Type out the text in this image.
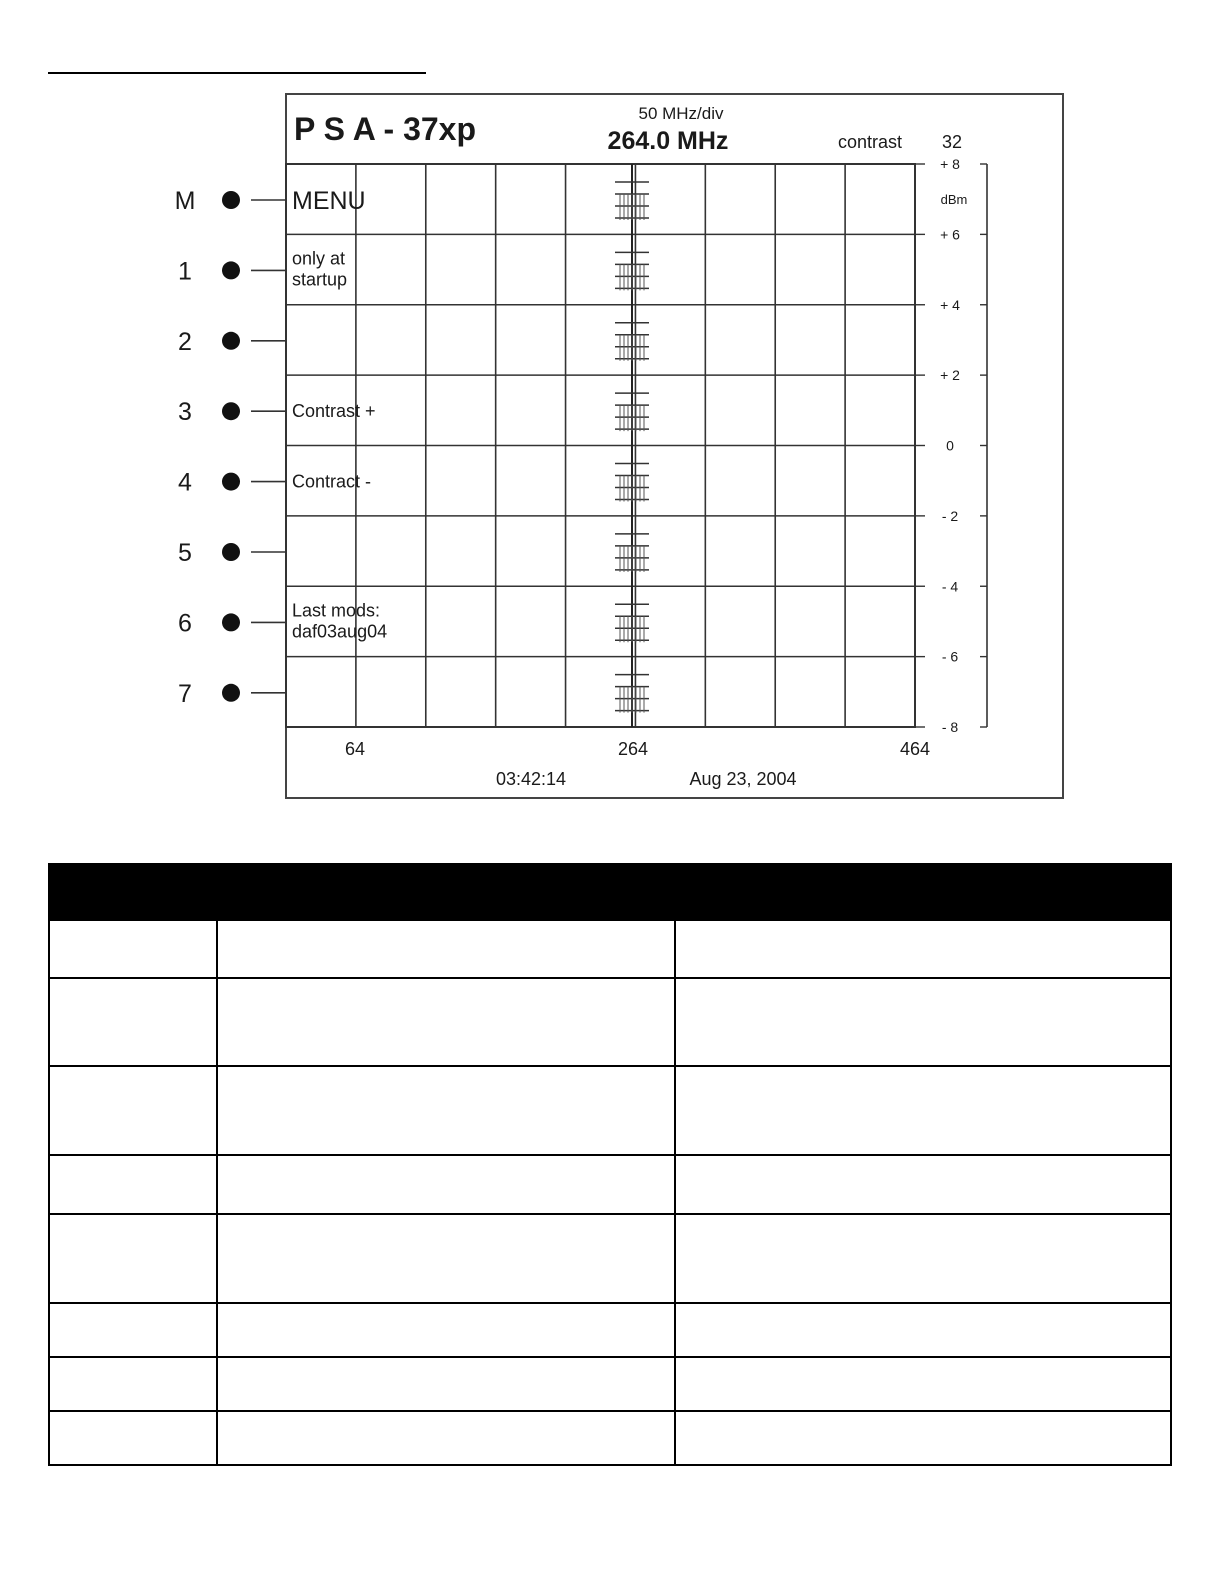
P S A - 37xp	50 MHz/div
264.0 MHz	contrast 32
dBm
+ 8
+ 6
+ 4
+ 2
0
- 2
- 4
- 6
- 8
64	264	464
03:42:14	Aug 23, 2004
M	MENU
1	only at
startup
2
3	Contrast +
4	Contract -
5
6	Last mods:
daf03aug04
7
